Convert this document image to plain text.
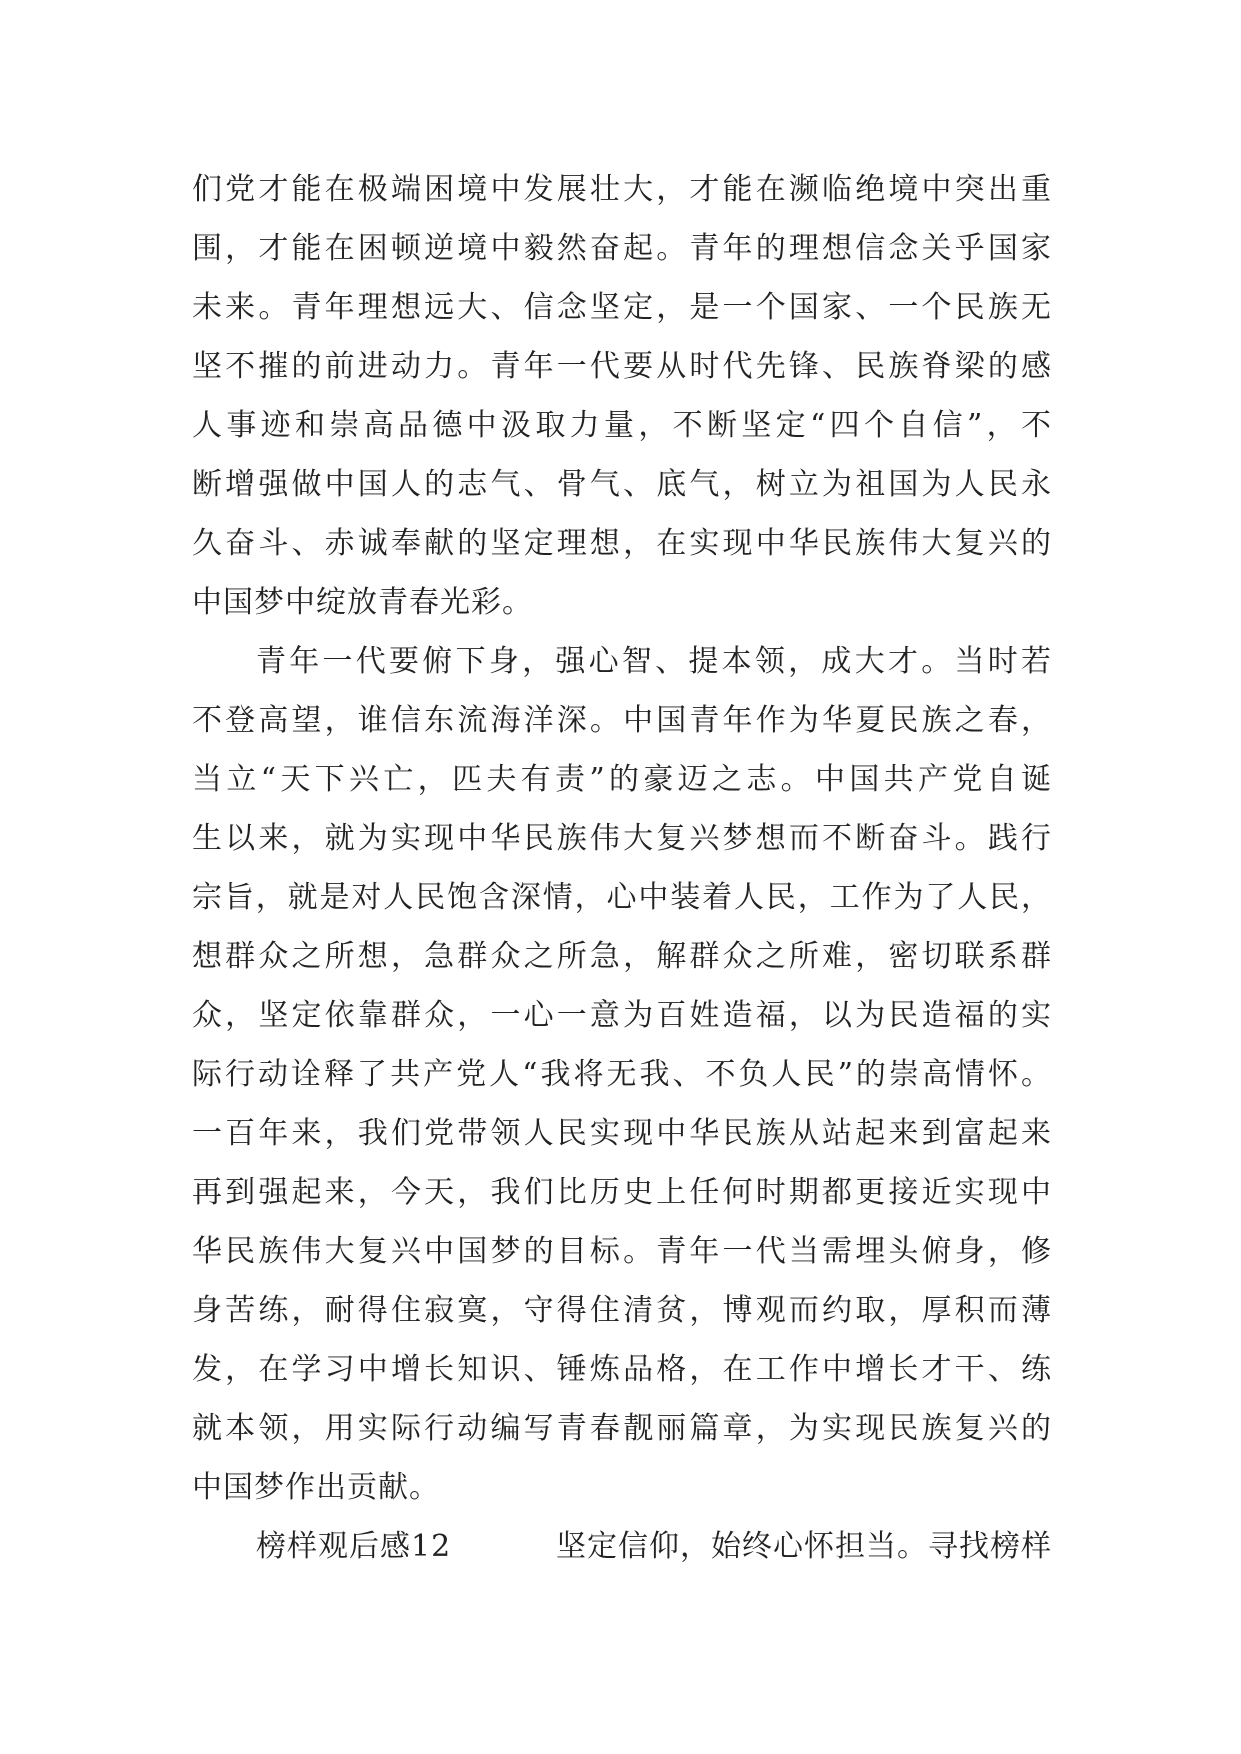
们党才能在极端困境中发展壮大，才能在濒临绝境中突出重
围，才能在困顿逆境中毅然奋起。青年的理想信念关乎国家
未来。青年理想远大、信念坚定，是一个国家、一个民族无
坚不摧的前进动力。青年一代要从时代先锋、民族脊梁的感
人事迹和崇高品德中汲取力量，不断坚定“四个自信”，不
断增强做中国人的志气、骨气、底气，树立为祖国为人民永
久奋斗、赤诚奉献的坚定理想，在实现中华民族伟大复兴的
中国梦中绽放青春光彩。
青年一代要俯下身，强心智、提本领，成大才。当时若
不登高望，谁信东流海洋深。中国青年作为华夏民族之春，
当立“天下兴亡，匹夫有责”的豪迈之志。中国共产党自诞
生以来，就为实现中华民族伟大复兴梦想而不断奋斗。践行
宗旨，就是对人民饱含深情，心中装着人民，工作为了人民，
想群众之所想，急群众之所急，解群众之所难，密切联系群
众，坚定依靠群众，一心一意为百姓造福，以为民造福的实
际行动诠释了共产党人“我将无我、不负人民”的崇高情怀。
一百年来，我们党带领人民实现中华民族从站起来到富起来
再到强起来，今天，我们比历史上任何时期都更接近实现中
华民族伟大复兴中国梦的目标。青年一代当需埋头俯身，修
身苦练，耐得住寂寞，守得住清贫，博观而约取，厚积而薄
发，在学习中增长知识、锤炼品格，在工作中增长才干、练
就本领，用实际行动编写青春靓丽篇章，为实现民族复兴的
中国梦作出贡献。
榜样观后感12	坚定信仰，始终心怀担当。寻找榜样
